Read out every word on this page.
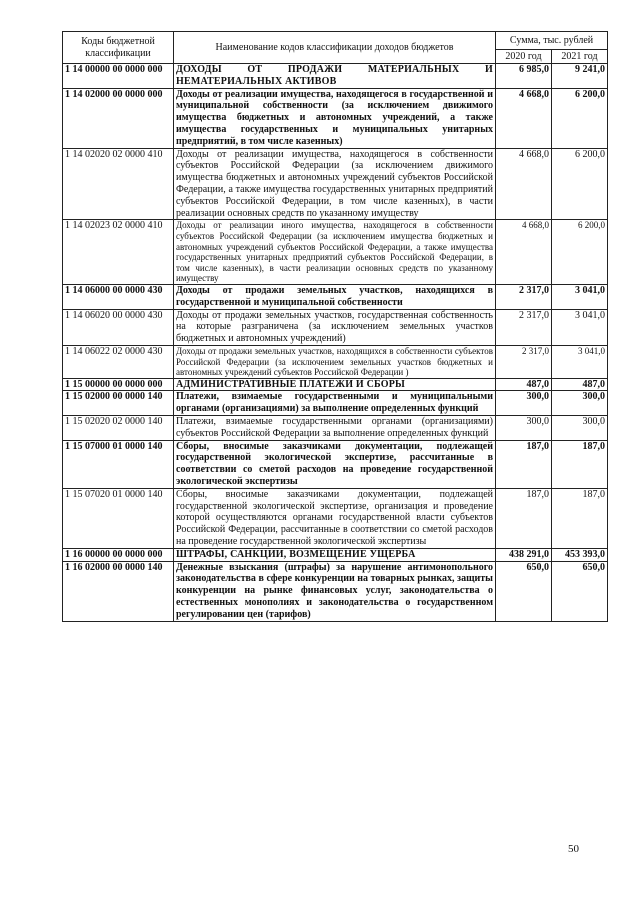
Коды бюджетной классификации	Наименование кодов классификации доходов бюджетов	Сумма, тыс. рублей	
		2020 год	2021 год
1 14 00000 00 0000 000	ДОХОДЫ ОТ ПРОДАЖИ МАТЕРИАЛЬНЫХ И НЕМАТЕРИАЛЬНЫХ АКТИВОВ	6 985,0	9 241,0
1 14 02000 00 0000 000	Доходы от реализации имущества, находящегося в государственной и муниципальной собственности (за исключением движимого имущества бюджетных и автономных учреждений, а также имущества государственных и муниципальных унитарных предприятий, в том числе казенных)	4 668,0	6 200,0
1 14 02020 02 0000 410	Доходы от реализации имущества, находящегося в собственности субъектов Российской Федерации (за исключением движимого имущества бюджетных и автономных учреждений субъектов Российской Федерации, а также имущества государственных унитарных предприятий субъектов Российской Федерации, в том числе казенных), в части реализации основных средств по указанному имуществу	4 668,0	6 200,0
1 14 02023 02 0000 410	Доходы от реализации иного имущества, находящегося в собственности субъектов Российской Федерации (за исключением имущества бюджетных и автономных учреждений субъектов Российской Федерации, а также имущества государственных унитарных предприятий субъектов Российской Федерации, в том числе казенных), в части реализации основных средств по указанному имуществу	4 668,0	6 200,0
1 14 06000 00 0000 430	Доходы от продажи земельных участков, находящихся в государственной и муниципальной собственности	2 317,0	3 041,0
1 14 06020 00 0000 430	Доходы от продажи земельных участков, государственная собственность на которые разграничена (за исключением земельных участков бюджетных и автономных учреждений)	2 317,0	3 041,0
1 14 06022 02 0000 430	Доходы от продажи земельных участков, находящихся в собственности субъектов Российской Федерации (за исключением земельных участков бюджетных и автономных учреждений субъектов Российской Федерации )	2 317,0	3 041,0
1 15 00000 00 0000 000	АДМИНИСТРАТИВНЫЕ ПЛАТЕЖИ И СБОРЫ	487,0	487,0
1 15 02000 00 0000 140	Платежи, взимаемые государственными и муниципальными органами (организациями) за выполнение определенных функций	300,0	300,0
1 15 02020 02 0000 140	Платежи, взимаемые государственными органами (организациями) субъектов Российской Федерации за выполнение определенных функций	300,0	300,0
1 15 07000 01 0000 140	Сборы, вносимые заказчиками документации, подлежащей государственной экологической экспертизе, рассчитанные в соответствии со сметой расходов на проведение государственной экологической экспертизы	187,0	187,0
1 15 07020 01 0000 140	Сборы, вносимые заказчиками документации, подлежащей государственной экологической экспертизе, организация и проведение которой осуществляются органами государственной власти субъектов Российской Федерации, рассчитанные в соответствии со сметой расходов на проведение государственной экологической экспертизы	187,0	187,0
1 16 00000 00 0000 000	ШТРАФЫ, САНКЦИИ, ВОЗМЕЩЕНИЕ УЩЕРБА	438 291,0	453 393,0
1 16 02000 00 0000 140	Денежные взыскания (штрафы) за нарушение антимонопольного законодательства в сфере конкуренции на товарных рынках, защиты конкуренции на рынке финансовых услуг, законодательства о естественных монополиях и законодательства о государственном регулировании цен (тарифов)	650,0	650,0
50
